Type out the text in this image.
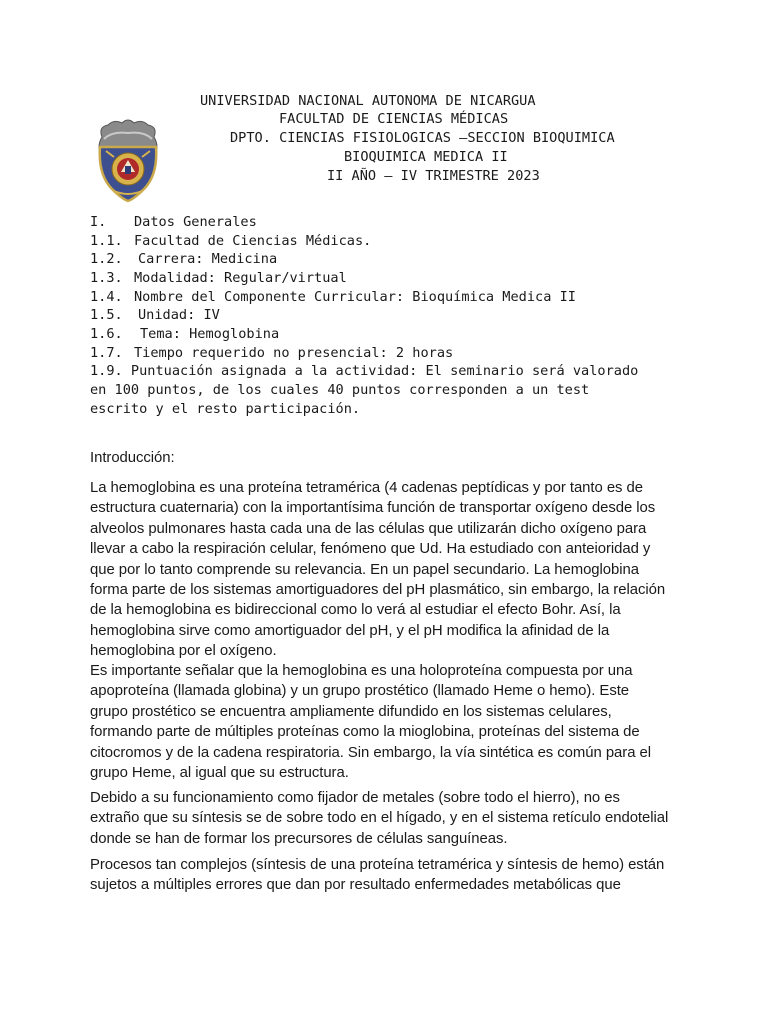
UNIVERSIDAD NACIONAL AUTONOMA DE NICARGUA

FACULTAD DE CIENCIAS MÉDICAS

DPTO. CIENCIAS FISIOLOGICAS –SECCION BIOQUIMICA

BIOQUIMICA MEDICA II

II AÑO – IV TRIMESTRE 2023

I. Datos Generales
1.1. Facultad de Ciencias Médicas.
1.2. Carrera: Medicina
1.3. Modalidad: Regular/virtual
1.4. Nombre del Componente Curricular: Bioquímica Medica II
1.5. Unidad: IV
1.6. Tema: Hemoglobina
1.7. Tiempo requerido no presencial: 2 horas

1.9. Puntuación asignada a la actividad: El seminario será valorado en 100 puntos, de los cuales 40 puntos corresponden a un test escrito y el resto participación.

Introducción:

La hemoglobina es una proteína tetramérica (4 cadenas peptídicas y por tanto es de estructura cuaternaria) con la importantísima función de transportar oxígeno desde los alveolos pulmonares hasta cada una de las células que utilizarán dicho oxígeno para llevar a cabo la respiración celular, fenómeno que Ud. Ha estudiado con anteioridad y que por lo tanto comprende su relevancia. En un papel secundario. La hemoglobina forma parte de los sistemas amortiguadores del pH plasmático, sin embargo, la relación de la hemoglobina es bidireccional como lo verá al estudiar el efecto Bohr. Así, la hemoglobina sirve como amortiguador del pH, y el pH modifica la afinidad de la hemoglobina por el oxígeno.

Es importante señalar que la hemoglobina es una holoproteína compuesta por una apoproteína (llamada globina) y un grupo prostético (llamado Heme o hemo). Este grupo prostético se encuentra ampliamente difundido en los sistemas celulares, formando parte de múltiples proteínas como la mioglobina, proteínas del sistema de citocromos y de la cadena respiratoria. Sin embargo, la vía sintética es común para el grupo Heme, al igual que su estructura.

Debido a su funcionamiento como fijador de metales (sobre todo el hierro), no es extraño que su síntesis se de sobre todo en el hígado, y en el sistema retículo endotelial donde se han de formar los precursores de células sanguíneas.

Procesos tan complejos (síntesis de una proteína tetramérica y síntesis de hemo) están sujetos a múltiples errores que dan por resultado enfermedades metabólicas que
